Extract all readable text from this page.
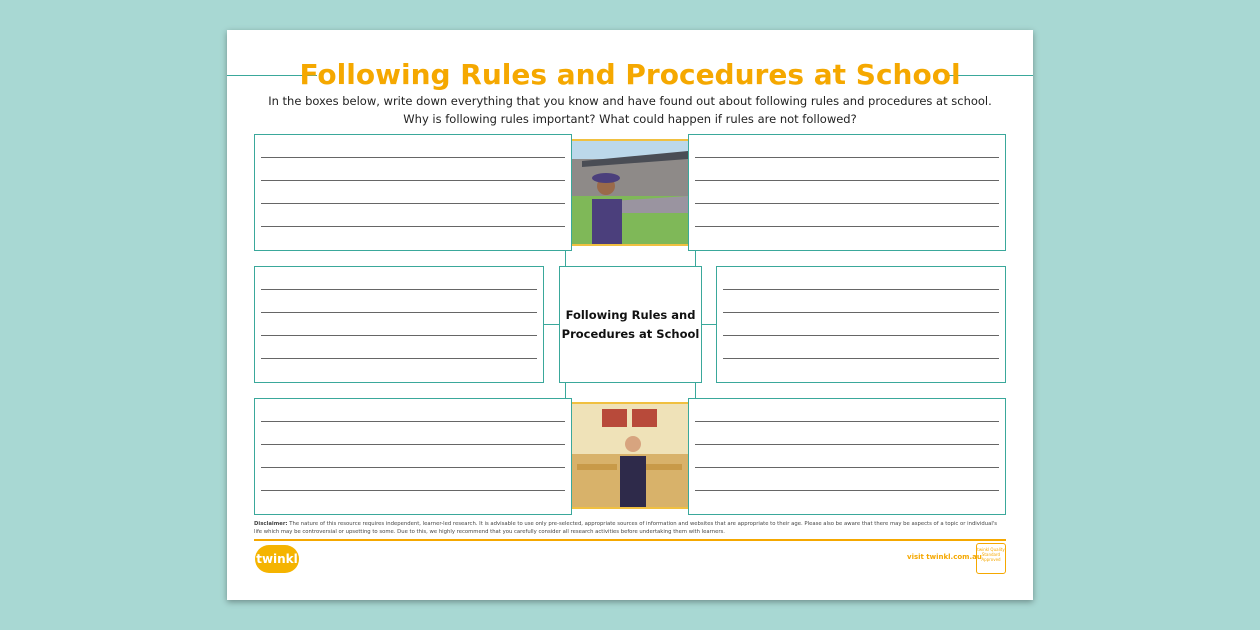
Following Rules and Procedures at School
In the boxes below, write down everything that you know and have found out about following rules and procedures at school.
Why is following rules important? What could happen if rules are not followed?
Following Rules and
Procedures at School
Disclaimer: The nature of this resource requires independent, learner-led research. It is advisable to use only pre-selected, appropriate sources of information and websites that are appropriate to their age. Please also be aware that there may be aspects of a topic or individual's life which may be controversial or upsetting to some. Due to this, we highly recommend that you carefully consider all research activities before undertaking them with learners.
twinkl	visit twinkl.com.au
twinkl Quality Standard Approved
